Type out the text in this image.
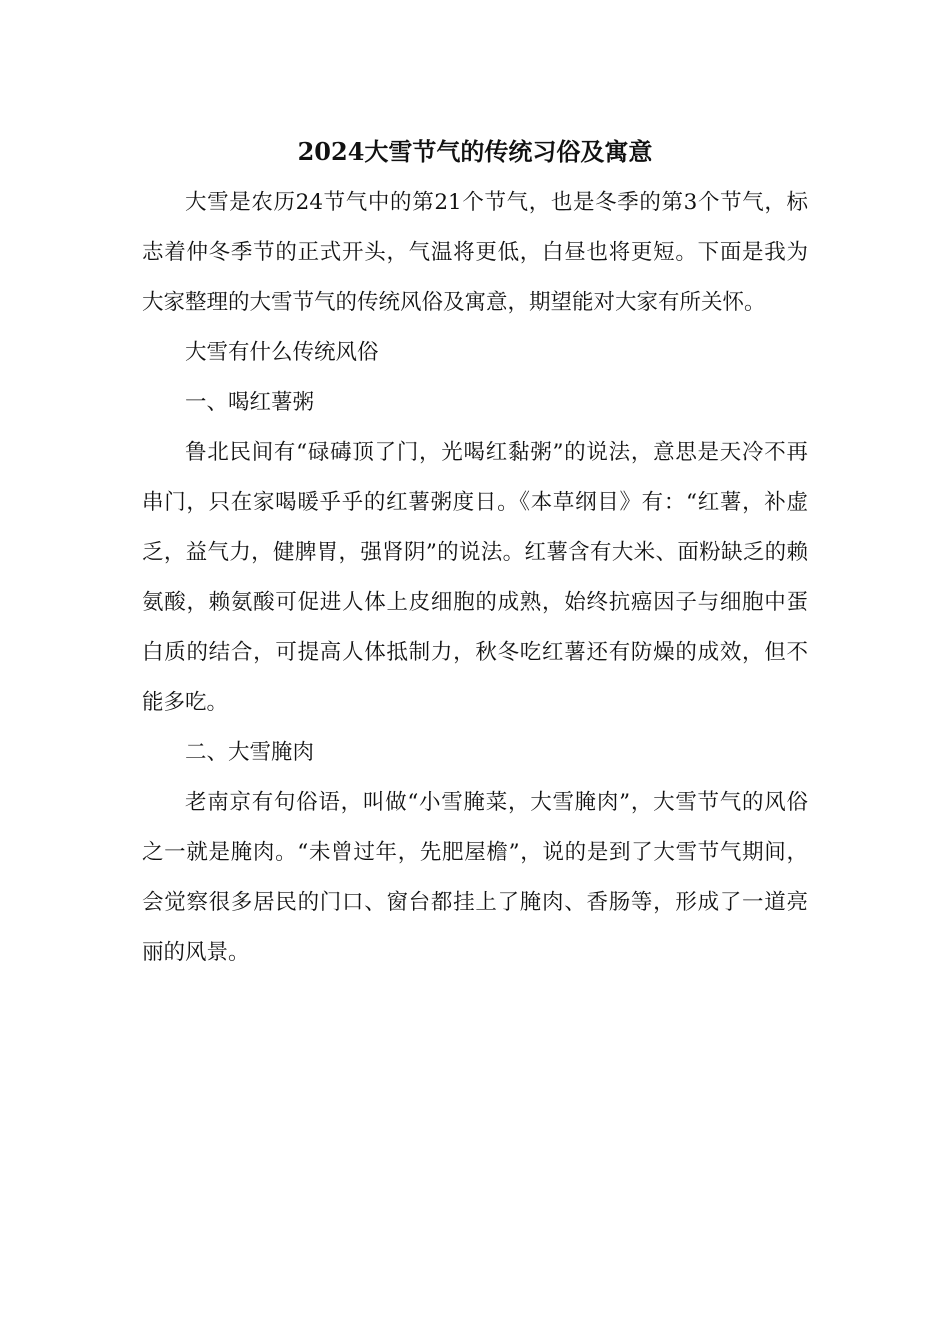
2024大雪节气的传统习俗及寓意

大雪是农历24节气中的第21个节气，也是冬季的第3个节气，标志着仲冬季节的正式开头，气温将更低，白昼也将更短。下面是我为大家整理的大雪节气的传统风俗及寓意，期望能对大家有所关怀。

大雪有什么传统风俗

一、喝红薯粥

鲁北民间有“碌碡顶了门，光喝红黏粥”的说法，意思是天冷不再串门，只在家喝暖乎乎的红薯粥度日。《本草纲目》有：“红薯，补虚乏，益气力，健脾胃，强肾阴”的说法。红薯含有大米、面粉缺乏的赖氨酸，赖氨酸可促进人体上皮细胞的成熟，始终抗癌因子与细胞中蛋白质的结合，可提高人体抵制力，秋冬吃红薯还有防燥的成效，但不能多吃。

二、大雪腌肉

老南京有句俗语，叫做“小雪腌菜，大雪腌肉”，大雪节气的风俗之一就是腌肉。“未曾过年，先肥屋檐”，说的是到了大雪节气期间，会觉察很多居民的门口、窗台都挂上了腌肉、香肠等，形成了一道亮丽的风景。
